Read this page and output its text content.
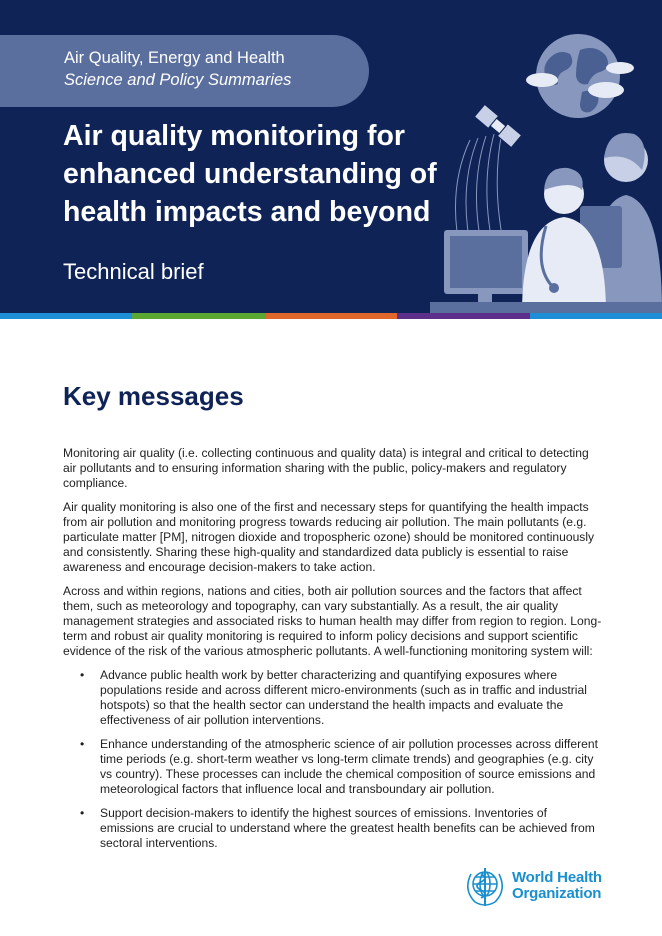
Air Quality, Energy and Health
Science and Policy Summaries
Air quality monitoring for enhanced understanding of health impacts and beyond
Technical brief
Key messages

Monitoring air quality (i.e. collecting continuous and quality data) is integral and critical to detecting air pollutants and to ensuring information sharing with the public, policy-makers and regulatory compliance.

Air quality monitoring is also one of the first and necessary steps for quantifying the health impacts from air pollution and monitoring progress towards reducing air pollution. The main pollutants (e.g. particulate matter [PM], nitrogen dioxide and tropospheric ozone) should be monitored continuously and consistently. Sharing these high-quality and standardized data publicly is essential to raise awareness and encourage decision-makers to take action.

Across and within regions, nations and cities, both air pollution sources and the factors that affect them, such as meteorology and topography, can vary substantially. As a result, the air quality management strategies and associated risks to human health may differ from region to region. Long-term and robust air quality monitoring is required to inform policy decisions and support scientific evidence of the risk of the various atmospheric pollutants. A well-functioning monitoring system will:

• Advance public health work by better characterizing and quantifying exposures where populations reside and across different micro-environments (such as in traffic and industrial hotspots) so that the health sector can understand the health impacts and evaluate the effectiveness of air pollution interventions.
• Enhance understanding of the atmospheric science of air pollution processes across different time periods (e.g. short-term weather vs long-term climate trends) and geographies (e.g. city vs country). These processes can include the chemical composition of source emissions and meteorological factors that influence local and transboundary air pollution.
• Support decision-makers to identify the highest sources of emissions. Inventories of emissions are crucial to understand where the greatest health benefits can be achieved from sectoral interventions.
World Health
Organization
